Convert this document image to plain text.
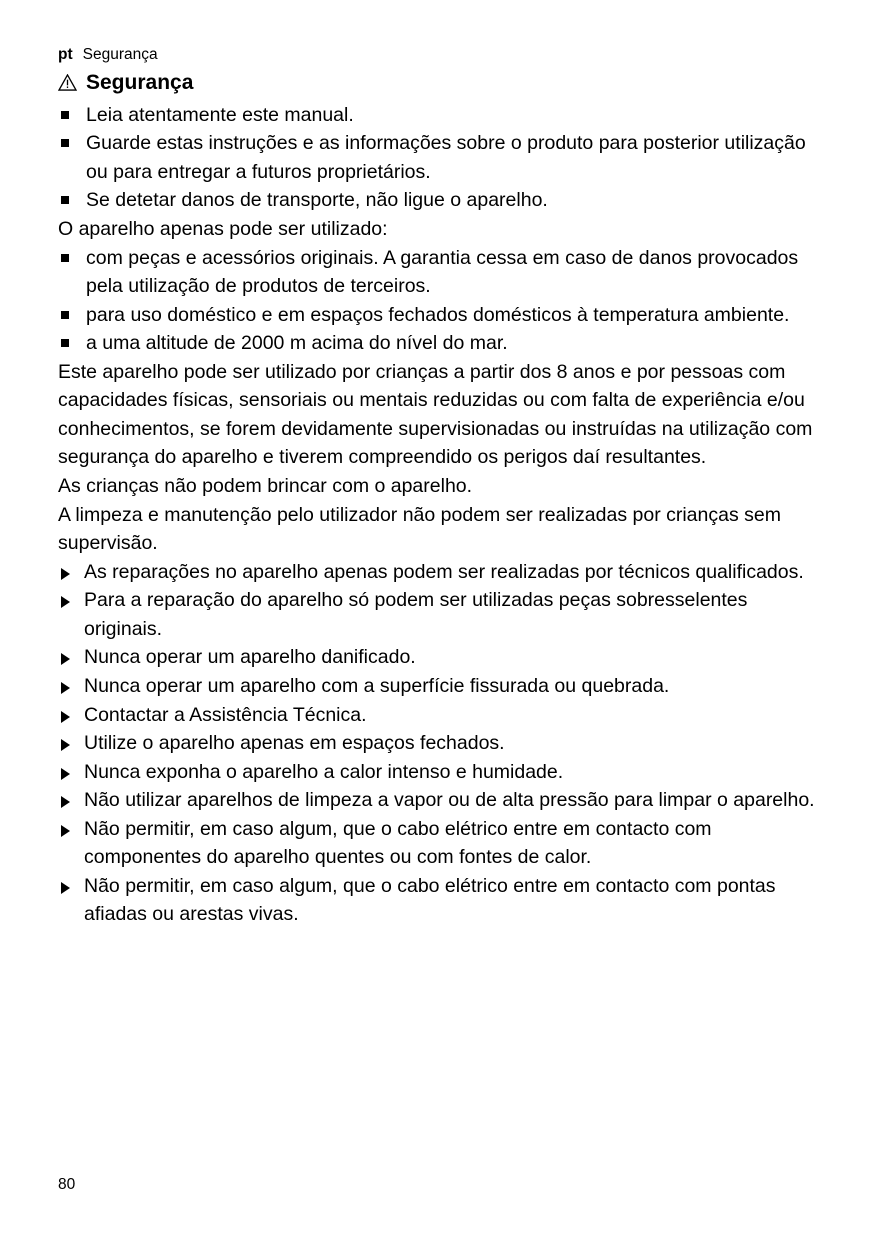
pt Segurança
Segurança
Leia atentamente este manual.
Guarde estas instruções e as informações sobre o produto para posterior utilização ou para entregar a futuros proprietários.
Se detetar danos de transporte, não ligue o aparelho.

O aparelho apenas pode ser utilizado:

com peças e acessórios originais. A garantia cessa em caso de danos provocados pela utilização de produtos de terceiros.
para uso doméstico e em espaços fechados domésticos à temperatura ambiente.
a uma altitude de 2000 m acima do nível do mar.

Este aparelho pode ser utilizado por crianças a partir dos 8 anos e por pessoas com capacidades físicas, sensoriais ou mentais reduzidas ou com falta de experiência e/ou conhecimentos, se forem devidamente supervisionadas ou instruídas na utilização com segurança do aparelho e tiverem compreendido os perigos daí resultantes.

As crianças não podem brincar com o aparelho.

A limpeza e manutenção pelo utilizador não podem ser realizadas por crianças sem supervisão.

As reparações no aparelho apenas podem ser realizadas por técnicos qualificados.
Para a reparação do aparelho só podem ser utilizadas peças sobresselentes originais.
Nunca operar um aparelho danificado.
Nunca operar um aparelho com a superfície fissurada ou quebrada.
Contactar a Assistência Técnica.
Utilize o aparelho apenas em espaços fechados.
Nunca exponha o aparelho a calor intenso e humidade.
Não utilizar aparelhos de limpeza a vapor ou de alta pressão para limpar o aparelho.
Não permitir, em caso algum, que o cabo elétrico entre em contacto com componentes do aparelho quentes ou com fontes de calor.
Não permitir, em caso algum, que o cabo elétrico entre em contacto com pontas afiadas ou arestas vivas.
80
